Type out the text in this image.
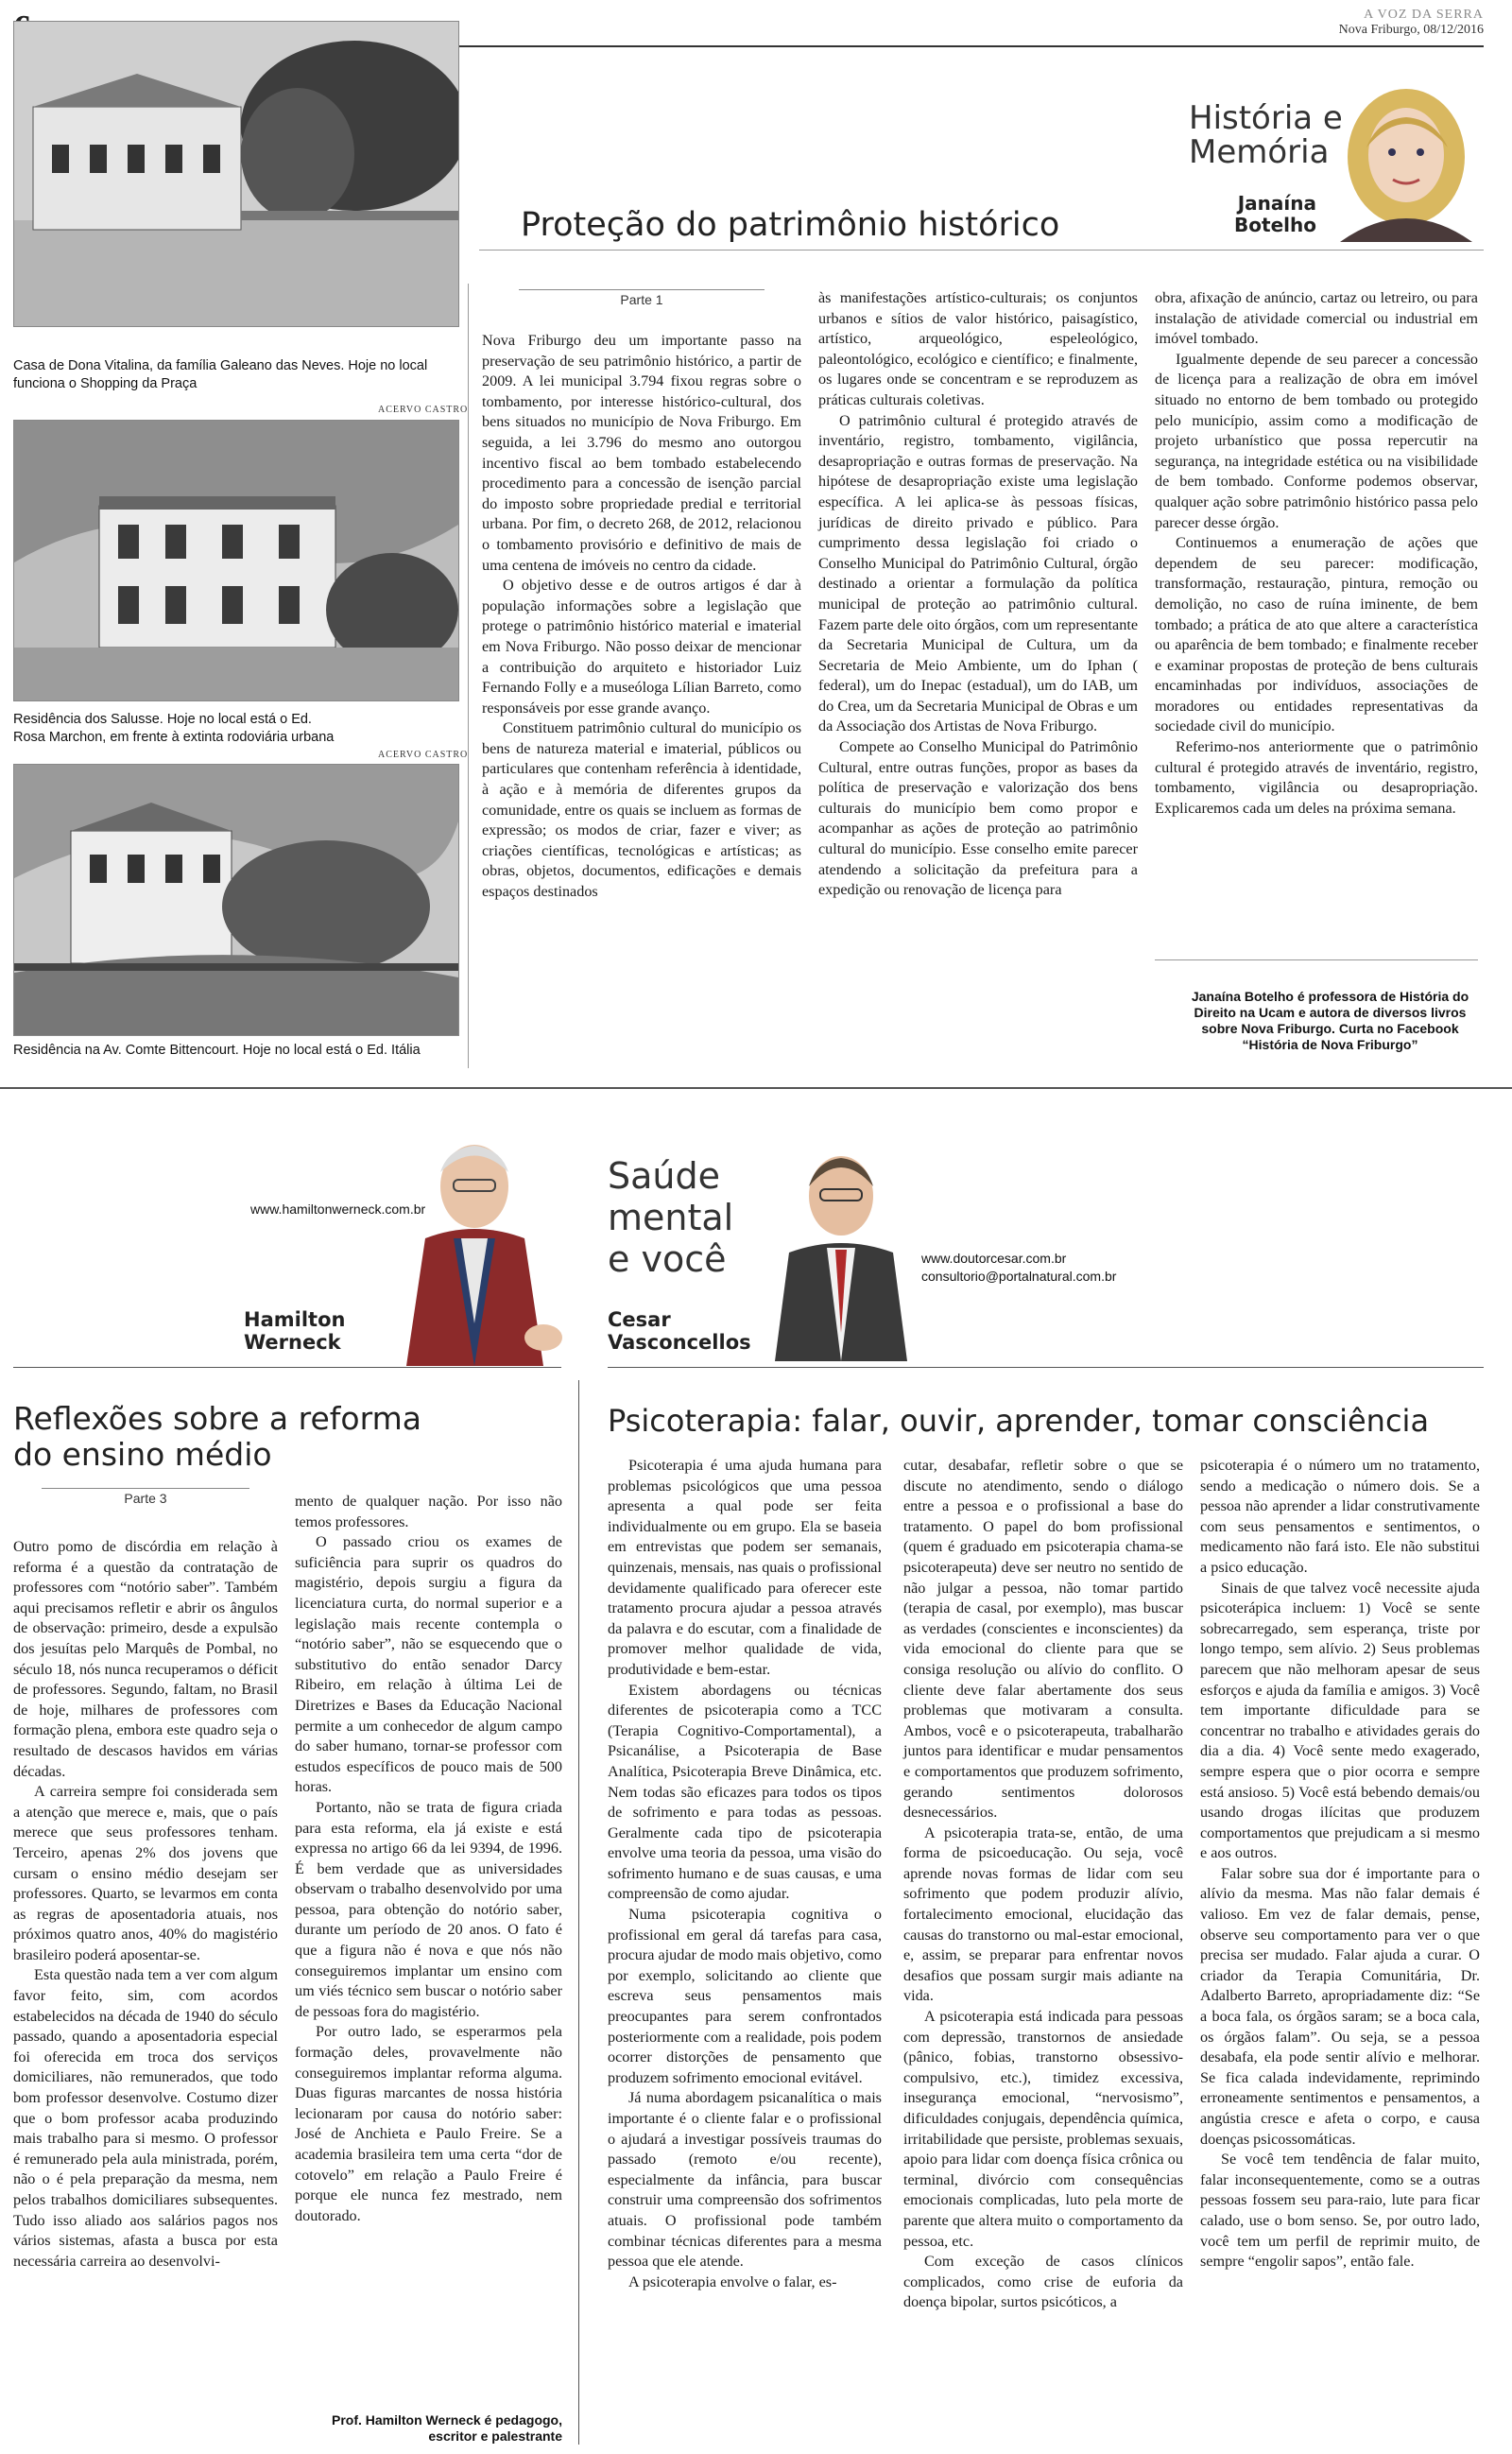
A VOZ DA SERRA
Nova Friburgo, 08/12/2016
Casa de Dona Vitalina, da família Galeano das Neves. Hoje no local funciona o Shopping da Praça
ACERVO CASTRO
Residência dos Salusse. Hoje no local está o Ed. Rosa Marchon, em frente à extinta rodoviária urbana
ACERVO CASTRO
Residência na Av. Comte Bittencourt. Hoje no local está o Ed. Itália
História e
Memória
Janaína
Botelho
Proteção do patrimônio histórico
Parte 1

Nova Friburgo deu um importante passo na preservação de seu patrimônio histórico, a partir de 2009. A lei municipal 3.794 fixou regras sobre o tombamento, por interesse histórico-cultural, dos bens situados no município de Nova Friburgo. Em seguida, a lei 3.796 do mesmo ano outorgou incentivo fiscal ao bem tombado estabelecendo procedimento para a concessão de isenção parcial do imposto sobre propriedade predial e territorial urbana. Por fim, o decreto 268, de 2012, relacionou o tombamento provisório e definitivo de mais de uma centena de imóveis no centro da cidade.

O objetivo desse e de outros artigos é dar à população informações sobre a legislação que protege o patrimônio histórico material e imaterial em Nova Friburgo. Não posso deixar de mencionar a contribuição do arquiteto e historiador Luiz Fernando Folly e a museóloga Lílian Barreto, como responsáveis por esse grande avanço.

Constituem patrimônio cultural do município os bens de natureza material e imaterial, públicos ou particulares que contenham referência à identidade, à ação e à memória de diferentes grupos da comunidade, entre os quais se incluem as formas de expressão; os modos de criar, fazer e viver; as criações científicas, tecnológicas e artísticas; as obras, objetos, documentos, edificações e demais espaços destinados

às manifestações artístico-culturais; os conjuntos urbanos e sítios de valor histórico, paisagístico, artístico, arqueológico, espeleológico, paleontológico, ecológico e científico; e finalmente, os lugares onde se concentram e se reproduzem as práticas culturais coletivas.

O patrimônio cultural é protegido através de inventário, registro, tombamento, vigilância, desapropriação e outras formas de preservação. Na hipótese de desapropriação existe uma legislação específica. A lei aplica-se às pessoas físicas, jurídicas de direito privado e público. Para cumprimento dessa legislação foi criado o Conselho Municipal do Patrimônio Cultural, órgão destinado a orientar a formulação da política municipal de proteção ao patrimônio cultural. Fazem parte dele oito órgãos, com um representante da Secretaria Municipal de Cultura, um da Secretaria de Meio Ambiente, um do Iphan ( federal), um do Inepac (estadual), um do IAB, um do Crea, um da Secretaria Municipal de Obras e um da Associação dos Artistas de Nova Friburgo.

Compete ao Conselho Municipal do Patrimônio Cultural, entre outras funções, propor as bases da política de preservação e valorização dos bens culturais do município bem como propor e acompanhar as ações de proteção ao patrimônio cultural do município. Esse conselho emite parecer atendendo a solicitação da prefeitura para a expedição ou renovação de licença para

obra, afixação de anúncio, cartaz ou letreiro, ou para instalação de atividade comercial ou industrial em imóvel tombado.

Igualmente depende de seu parecer a concessão de licença para a realização de obra em imóvel situado no entorno de bem tombado ou protegido pelo município, assim como a modificação de projeto urbanístico que possa repercutir na segurança, na integridade estética ou na visibilidade de bem tombado. Conforme podemos observar, qualquer ação sobre patrimônio histórico passa pelo parecer desse órgão.

Continuemos a enumeração de ações que dependem de seu parecer: modificação, transformação, restauração, pintura, remoção ou demolição, no caso de ruína iminente, de bem tombado; a prática de ato que altere a característica ou aparência de bem tombado; e finalmente receber e examinar propostas de proteção de bens culturais encaminhadas por indivíduos, associações de moradores ou entidades representativas da sociedade civil do município.

Referimo-nos anteriormente que o patrimônio cultural é protegido através de inventário, registro, tombamento, vigilância ou desapropriação. Explicaremos cada um deles na próxima semana.

Janaína Botelho é professora de História do Direito na Ucam e autora de diversos livros sobre Nova Friburgo. Curta no Facebook “História de Nova Friburgo”
www.hamiltonwerneck.com.br
Hamilton
Werneck
Saúde
mental
e você
Cesar
Vasconcellos
www.doutorcesar.com.br
consultorio@portalnatural.com.br
Reflexões sobre a reforma
do ensino médio
Parte 3

Outro pomo de discórdia em relação à reforma é a questão da contratação de professores com “notório saber”. Também aqui precisamos refletir e abrir os ângulos de observação: primeiro, desde a expulsão dos jesuítas pelo Marquês de Pombal, no século 18, nós nunca recuperamos o déficit de professores. Segundo, faltam, no Brasil de hoje, milhares de professores com formação plena, embora este quadro seja o resultado de descasos havidos em várias décadas.

A carreira sempre foi considerada sem a atenção que merece e, mais, que o país merece que seus professores tenham. Terceiro, apenas 2% dos jovens que cursam o ensino médio desejam ser professores. Quarto, se levarmos em conta as regras de aposentadoria atuais, nos próximos quatro anos, 40% do magistério brasileiro poderá aposentar-se.

Esta questão nada tem a ver com algum favor feito, sim, com acordos estabelecidos na década de 1940 do século passado, quando a aposentadoria especial foi oferecida em troca dos serviços domiciliares, não remunerados, que todo bom professor desenvolve. Costumo dizer que o bom professor acaba produzindo mais trabalho para si mesmo. O professor é remunerado pela aula ministrada, porém, não o é pela preparação da mesma, nem pelos trabalhos domiciliares subsequentes. Tudo isso aliado aos salários pagos nos vários sistemas, afasta a busca por esta necessária carreira ao desenvolvi-

mento de qualquer nação. Por isso não temos professores.

O passado criou os exames de suficiência para suprir os quadros do magistério, depois surgiu a figura da licenciatura curta, do normal superior e a legislação mais recente contempla o “notório saber”, não se esquecendo que o substitutivo do então senador Darcy Ribeiro, em relação à última Lei de Diretrizes e Bases da Educação Nacional permite a um conhecedor de algum campo do saber humano, tornar-se professor com estudos específicos de pouco mais de 500 horas.

Portanto, não se trata de figura criada para esta reforma, ela já existe e está expressa no artigo 66 da lei 9394, de 1996. É bem verdade que as universidades observam o trabalho desenvolvido por uma pessoa, para obtenção do notório saber, durante um período de 20 anos. O fato é que a figura não é nova e que nós não conseguiremos implantar um ensino com um viés técnico sem buscar o notório saber de pessoas fora do magistério.

Por outro lado, se esperarmos pela formação deles, provavelmente não conseguiremos implantar reforma alguma. Duas figuras marcantes de nossa história lecionaram por causa do notório saber: José de Anchieta e Paulo Freire. Se a academia brasileira tem uma certa “dor de cotovelo” em relação a Paulo Freire é porque ele nunca fez mestrado, nem doutorado.

Prof. Hamilton Werneck é pedagogo,
escritor e palestrante
Psicoterapia: falar, ouvir, aprender, tomar consciência

Psicoterapia é uma ajuda humana para problemas psicológicos que uma pessoa apresenta a qual pode ser feita individualmente ou em grupo. Ela se baseia em entrevistas que podem ser semanais, quinzenais, mensais, nas quais o profissional devidamente qualificado para oferecer este tratamento procura ajudar a pessoa através da palavra e do escutar, com a finalidade de promover melhor qualidade de vida, produtividade e bem-estar.

Existem abordagens ou técnicas diferentes de psicoterapia como a TCC (Terapia Cognitivo-Comportamental), a Psicanálise, a Psicoterapia de Base Analítica, Psicoterapia Breve Dinâmica, etc. Nem todas são eficazes para todos os tipos de sofrimento e para todas as pessoas. Geralmente cada tipo de psicoterapia envolve uma teoria da pessoa, uma visão do sofrimento humano e de suas causas, e uma compreensão de como ajudar.

Numa psicoterapia cognitiva o profissional em geral dá tarefas para casa, procura ajudar de modo mais objetivo, como por exemplo, solicitando ao cliente que escreva seus pensamentos mais preocupantes para serem confrontados posteriormente com a realidade, pois podem ocorrer distorções de pensamento que produzem sofrimento emocional evitável.

Já numa abordagem psicanalítica o mais importante é o cliente falar e o profissional o ajudará a investigar possíveis traumas do passado (remoto e/ou recente), especialmente da infância, para buscar construir uma compreensão dos sofrimentos atuais. O profissional pode também combinar técnicas diferentes para a mesma pessoa que ele atende.

A psicoterapia envolve o falar, es-

cutar, desabafar, refletir sobre o que se discute no atendimento, sendo o diálogo entre a pessoa e o profissional a base do tratamento. O papel do bom profissional (quem é graduado em psicoterapia chama-se psicoterapeuta) deve ser neutro no sentido de não julgar a pessoa, não tomar partido (terapia de casal, por exemplo), mas buscar as verdades (conscientes e inconscientes) da vida emocional do cliente para que se consiga resolução ou alívio do conflito. O cliente deve falar abertamente dos seus problemas que motivaram a consulta. Ambos, você e o psicoterapeuta, trabalharão juntos para identificar e mudar pensamentos e comportamentos que produzem sofrimento, gerando sentimentos dolorosos desnecessários.

A psicoterapia trata-se, então, de uma forma de psicoeducação. Ou seja, você aprende novas formas de lidar com seu sofrimento que podem produzir alívio, fortalecimento emocional, elucidação das causas do transtorno ou mal-estar emocional, e, assim, se preparar para enfrentar novos desafios que possam surgir mais adiante na vida.

A psicoterapia está indicada para pessoas com depressão, transtornos de ansiedade (pânico, fobias, transtorno obsessivo-compulsivo, etc.), timidez excessiva, insegurança emocional, “nervosismo”, dificuldades conjugais, dependência química, irritabilidade que persiste, problemas sexuais, apoio para lidar com doença física crônica ou terminal, divórcio com consequências emocionais complicadas, luto pela morte de parente que altera muito o comportamento da pessoa, etc.

Com exceção de casos clínicos complicados, como crise de euforia da doença bipolar, surtos psicóticos, a

psicoterapia é o número um no tratamento, sendo a medicação o número dois. Se a pessoa não aprender a lidar construtivamente com seus pensamentos e sentimentos, o medicamento não fará isto. Ele não substitui a psico educação.

Sinais de que talvez você necessite ajuda psicoterápica incluem: 1) Você se sente sobrecarregado, sem esperança, triste por longo tempo, sem alívio. 2) Seus problemas parecem que não melhoram apesar de seus esforços e ajuda da família e amigos. 3) Você tem importante dificuldade para se concentrar no trabalho e atividades gerais do dia a dia. 4) Você sente medo exagerado, sempre espera que o pior ocorra e sempre está ansioso. 5) Você está bebendo demais/ou usando drogas ilícitas que produzem comportamentos que prejudicam a si mesmo e aos outros.

Falar sobre sua dor é importante para o alívio da mesma. Mas não falar demais é valioso. Em vez de falar demais, pense, observe seu comportamento para ver o que precisa ser mudado. Falar ajuda a curar. O criador da Terapia Comunitária, Dr. Adalberto Barreto, apropriadamente diz: “Se a boca fala, os órgãos saram; se a boca cala, os órgãos falam”. Ou seja, se a pessoa desabafa, ela pode sentir alívio e melhorar. Se fica calada indevidamente, reprimindo erroneamente sentimentos e pensamentos, a angústia cresce e afeta o corpo, e causa doenças psicossomáticas.

Se você tem tendência de falar muito, falar inconsequentemente, como se a outras pessoas fossem seu para-raio, lute para ficar calado, use o bom senso. Se, por outro lado, você tem um perfil de reprimir muito, de sempre “engolir sapos”, então fale.
